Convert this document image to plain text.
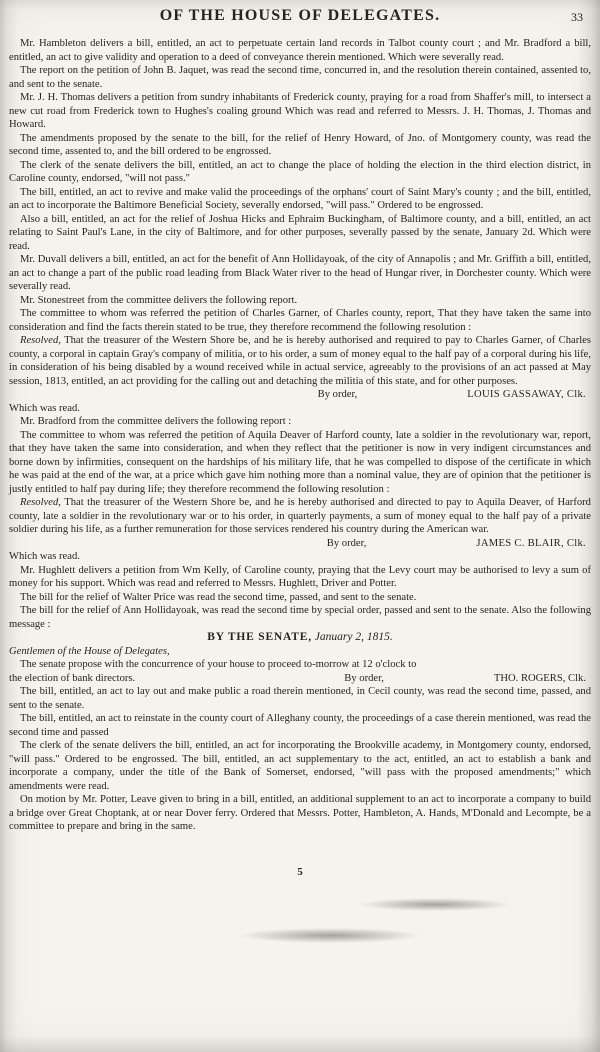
OF THE HOUSE OF DELEGATES.	33

Mr. Hambleton delivers a bill, entitled, an act to perpetuate certain land records in Talbot county court ; and Mr. Bradford a bill, entitled, an act to give validity and operation to a deed of conveyance therein mentioned. Which were severally read.

The report on the petition of John B. Jaquet, was read the second time, concurred in, and the resolution therein contained, assented to, and sent to the senate.

Mr. J. H. Thomas delivers a petition from sundry inhabitants of Frederick county, praying for a road from Shaffer's mill, to intersect a new cut road from Frederick town to Hughes's coaling ground Which was read and referred to Messrs. J. H. Thomas, J. Thomas and Howard.

The amendments proposed by the senate to the bill, for the relief of Henry Howard, of Jno. of Montgomery county, was read the second time, assented to, and the bill ordered to be engrossed.

The clerk of the senate delivers the bill, entitled, an act to change the place of holding the election in the third election district, in Caroline county, endorsed, "will not pass."

The bill, entitled, an act to revive and make valid the proceedings of the orphans' court of Saint Mary's county ; and the bill, entitled, an act to incorporate the Baltimore Beneficial Society, severally endorsed, "will pass." Ordered to be engrossed.

Also a bill, entitled, an act for the relief of Joshua Hicks and Ephraim Buckingham, of Baltimore county, and a bill, entitled, an act relating to Saint Paul's Lane, in the city of Baltimore, and for other purposes, severally passed by the senate, January 2d. Which were read.

Mr. Duvall delivers a bill, entitled, an act for the benefit of Ann Hollidayoak, of the city of Annapolis ; and Mr. Griffith a bill, entitled, an act to change a part of the public road leading from Black Water river to the head of Hungar river, in Dorchester county. Which were severally read.

Mr. Stonestreet from the committee delivers the following report.

The committee to whom was referred the petition of Charles Garner, of Charles county, report, That they have taken the same into consideration and find the facts therein stated to be true, they therefore recommend the following resolution :

Resolved, That the treasurer of the Western Shore be, and he is hereby authorised and required to pay to Charles Garner, of Charles county, a corporal in captain Gray's company of militia, or to his order, a sum of money equal to the half pay of a corporal during his life, in consideration of his being disabled by a wound received while in actual service, agreeably to the provisions of an act passed at May session, 1813, entitled, an act providing for the calling out and detaching the militia of this state, and for other purposes.

By order,	LOUIS GASSAWAY, Clk.

Which was read.

Mr. Bradford from the committee delivers the following report :

The committee to whom was referred the petition of Aquila Deaver of Harford county, late a soldier in the revolutionary war, report, that they have taken the same into consideration, and when they reflect that the petitioner is now in very indigent circumstances and borne down by infirmities, consequent on the hardships of his military life, that he was compelled to dispose of the certificate in which he was paid at the end of the war, at a price which gave him nothing more than a nominal value, they are of opinion that the petitioner is justly entitled to half pay during life; they therefore recommend the following resolution :

Resolved, That the treasurer of the Western Shore be, and he is hereby authorised and directed to pay to Aquila Deaver, of Harford county, late a soldier in the revolutionary war or to his order, in quarterly payments, a sum of money equal to the half pay of a private soldier during his life, as a further remuneration for those services rendered his country during the American war.

By order,	JAMES C. BLAIR, Clk.

Which was read.

Mr. Hughlett delivers a petition from Wm Kelly, of Caroline county, praying that the Levy court may be authorised to levy a sum of money for his support. Which was read and referred to Messrs. Hughlett, Driver and Potter.

The bill for the relief of Walter Price was read the second time, passed, and sent to the senate.

The bill for the relief of Ann Hollidayoak, was read the second time by special order, passed and sent to the senate. Also the following message :

BY THE SENATE, January 2, 1815.

Gentlemen of the House of Delegates,

The senate propose with the concurrence of your house to proceed to-morrow at 12 o'clock to

the election of bank directors.	By order,	THO. ROGERS, Clk.

The bill, entitled, an act to lay out and make public a road therein mentioned, in Cecil county, was read the second time, passed, and sent to the senate.

The bill, entitled, an act to reinstate in the county court of Alleghany county, the proceedings of a case therein mentioned, was read the second time and passed

The clerk of the senate delivers the bill, entitled, an act for incorporating the Brookville academy, in Montgomery county, endorsed, "will pass." Ordered to be engrossed. The bill, entitled, an act supplementary to the act, entitled, an act to establish a bank and incorporate a company, under the title of the Bank of Somerset, endorsed, "will pass with the proposed amendments;" which amendments were read.

On motion by Mr. Potter, Leave given to bring in a bill, entitled, an additional supplement to an act to incorporate a company to build a bridge over Great Choptank, at or near Dover ferry. Ordered that Messrs. Potter, Hambleton, A. Hands, M'Donald and Lecompte, be a committee to prepare and bring in the same.

5
